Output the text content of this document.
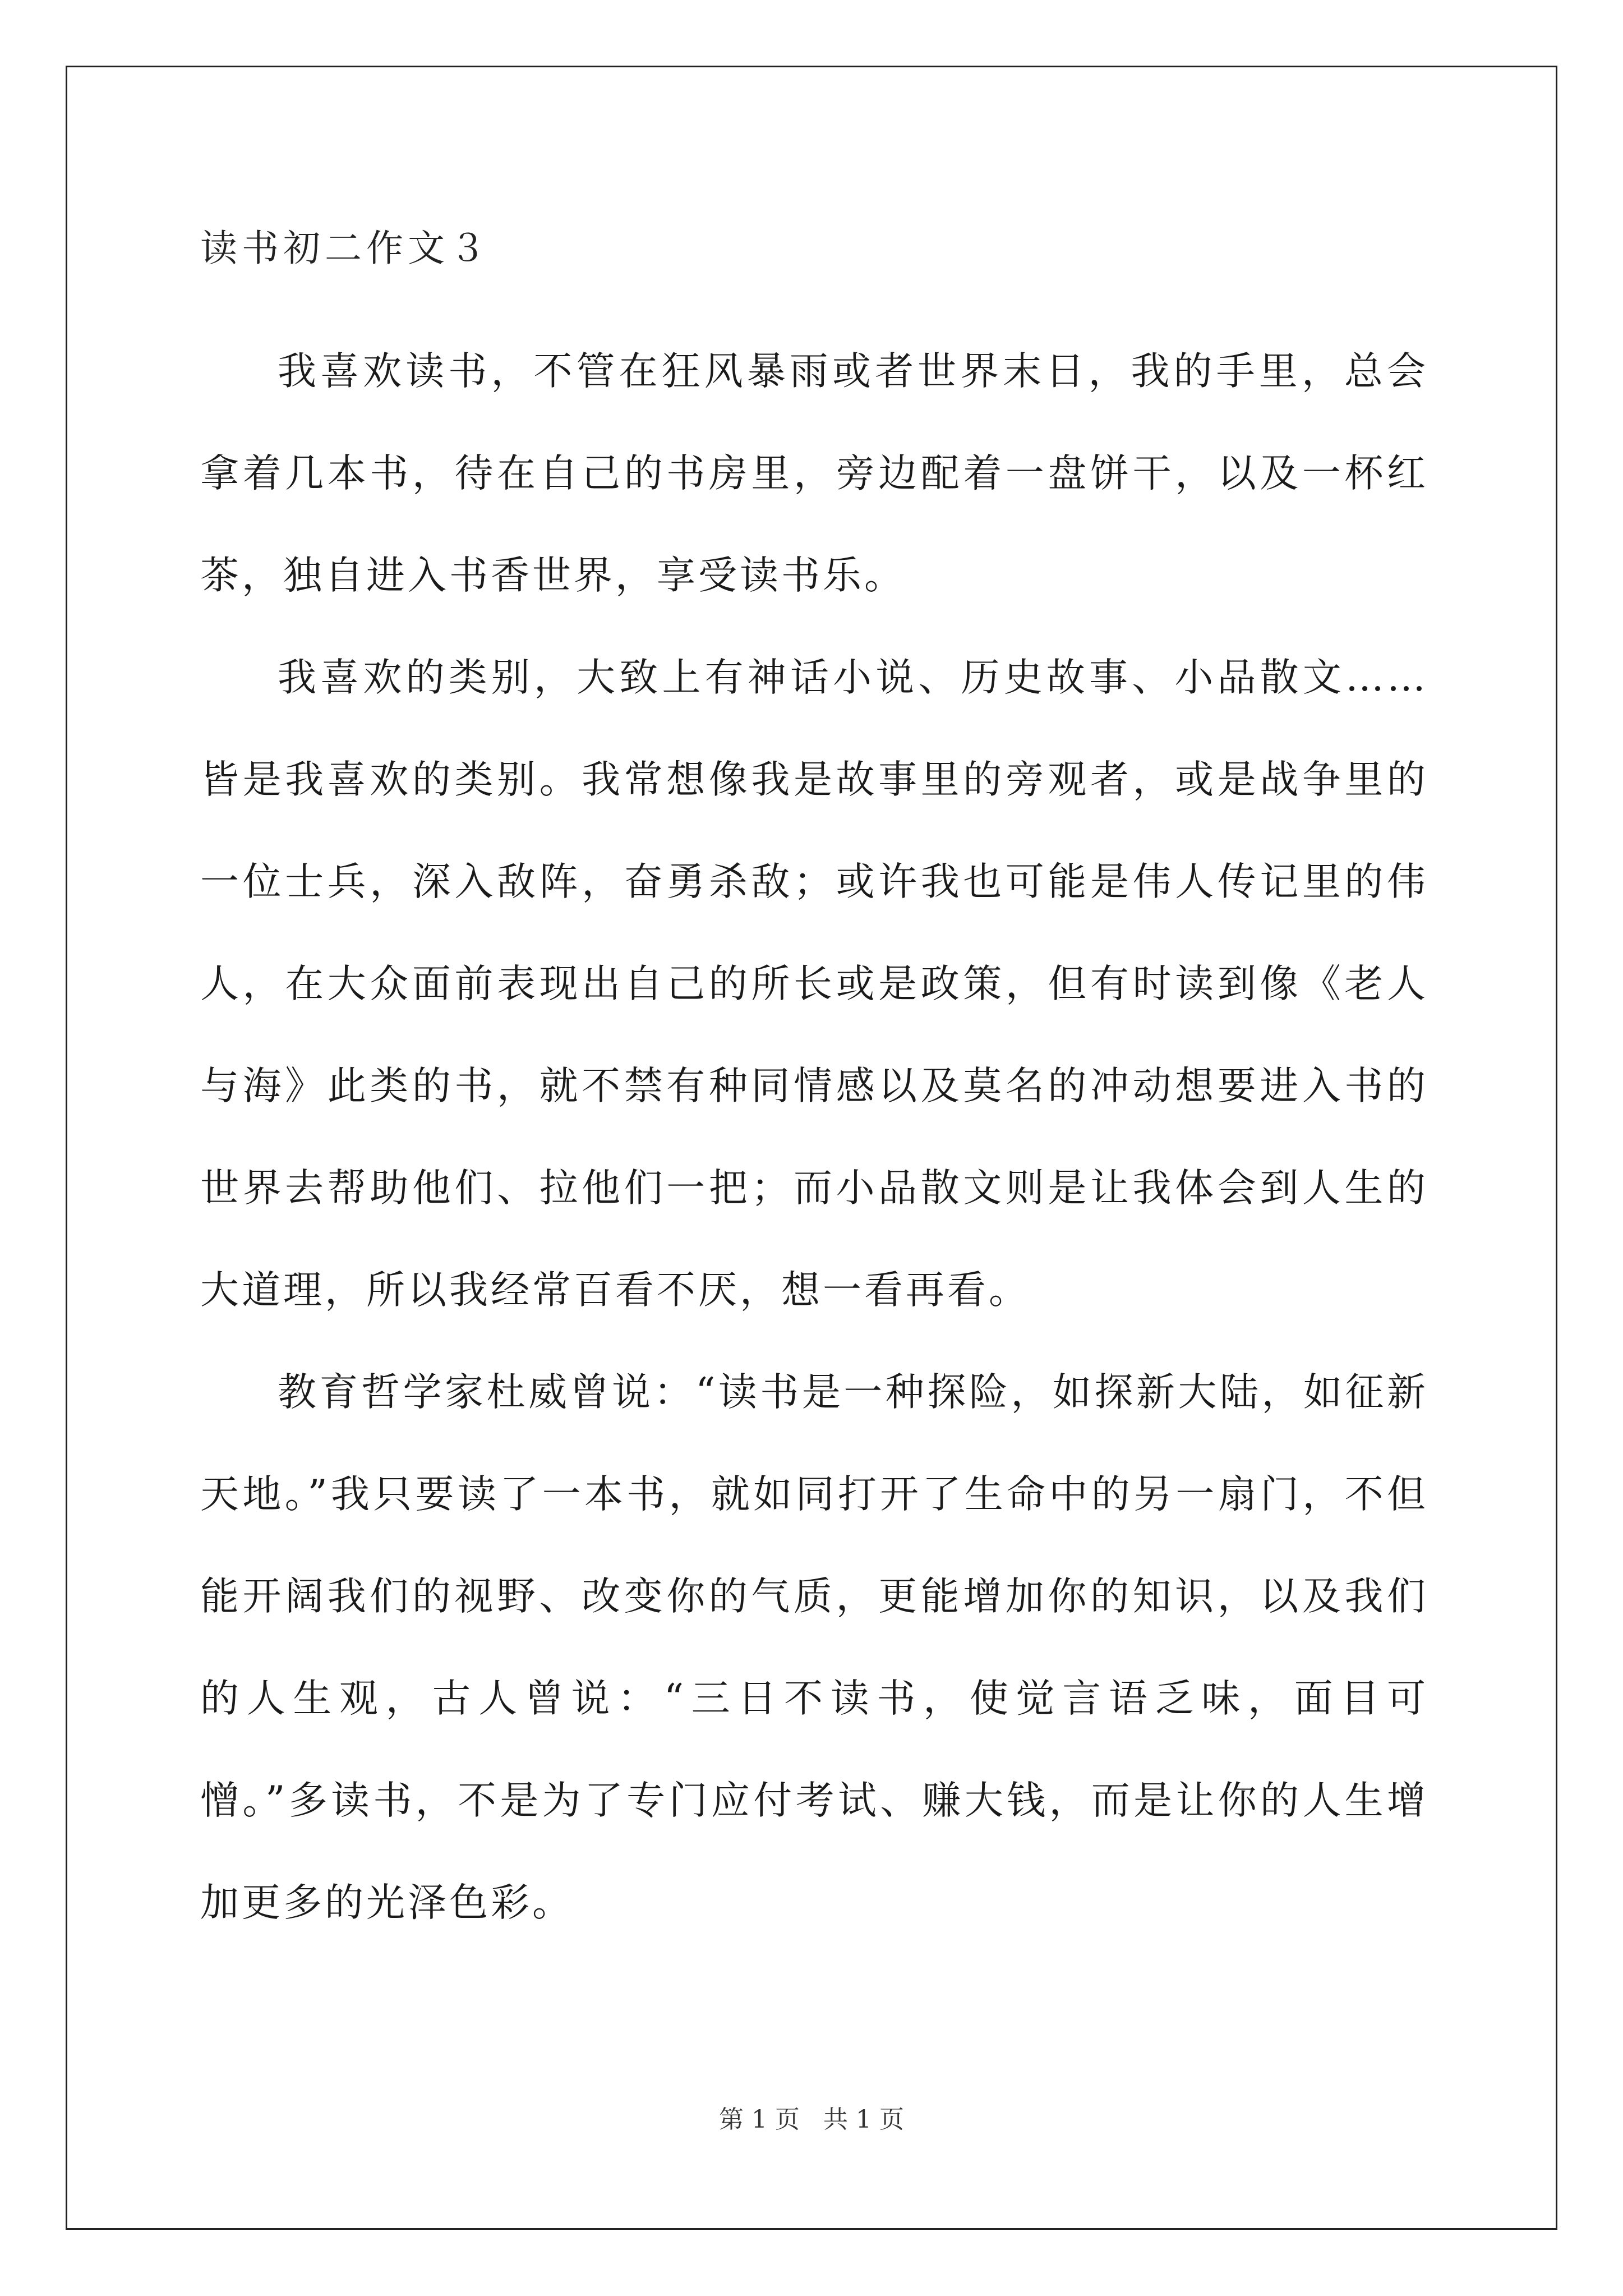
读书初二作文３

我喜欢读书，不管在狂风暴雨或者世界末日，我的手里，总会拿着几本书，待在自己的书房里，旁边配着一盘饼干，以及一杯红茶，独自进入书香世界，享受读书乐。

我喜欢的类别，大致上有神话小说、历史故事、小品散文……皆是我喜欢的类别。我常想像我是故事里的旁观者，或是战争里的一位士兵，深入敌阵，奋勇杀敌；或许我也可能是伟人传记里的伟人，在大众面前表现出自己的所长或是政策，但有时读到像《老人与海》此类的书，就不禁有种同情感以及莫名的冲动想要进入书的世界去帮助他们、拉他们一把；而小品散文则是让我体会到人生的大道理，所以我经常百看不厌，想一看再看。

教育哲学家杜威曾说：“读书是一种探险，如探新大陆，如征新天地。”我只要读了一本书，就如同打开了生命中的另一扇门，不但能开阔我们的视野、改变你的气质，更能增加你的知识，以及我们的人生观，古人曾说：“三日不读书，使觉言语乏味，面目可憎。”多读书，不是为了专门应付考试、赚大钱，而是让你的人生增加更多的光泽色彩。

第 1 页   共 1 页
